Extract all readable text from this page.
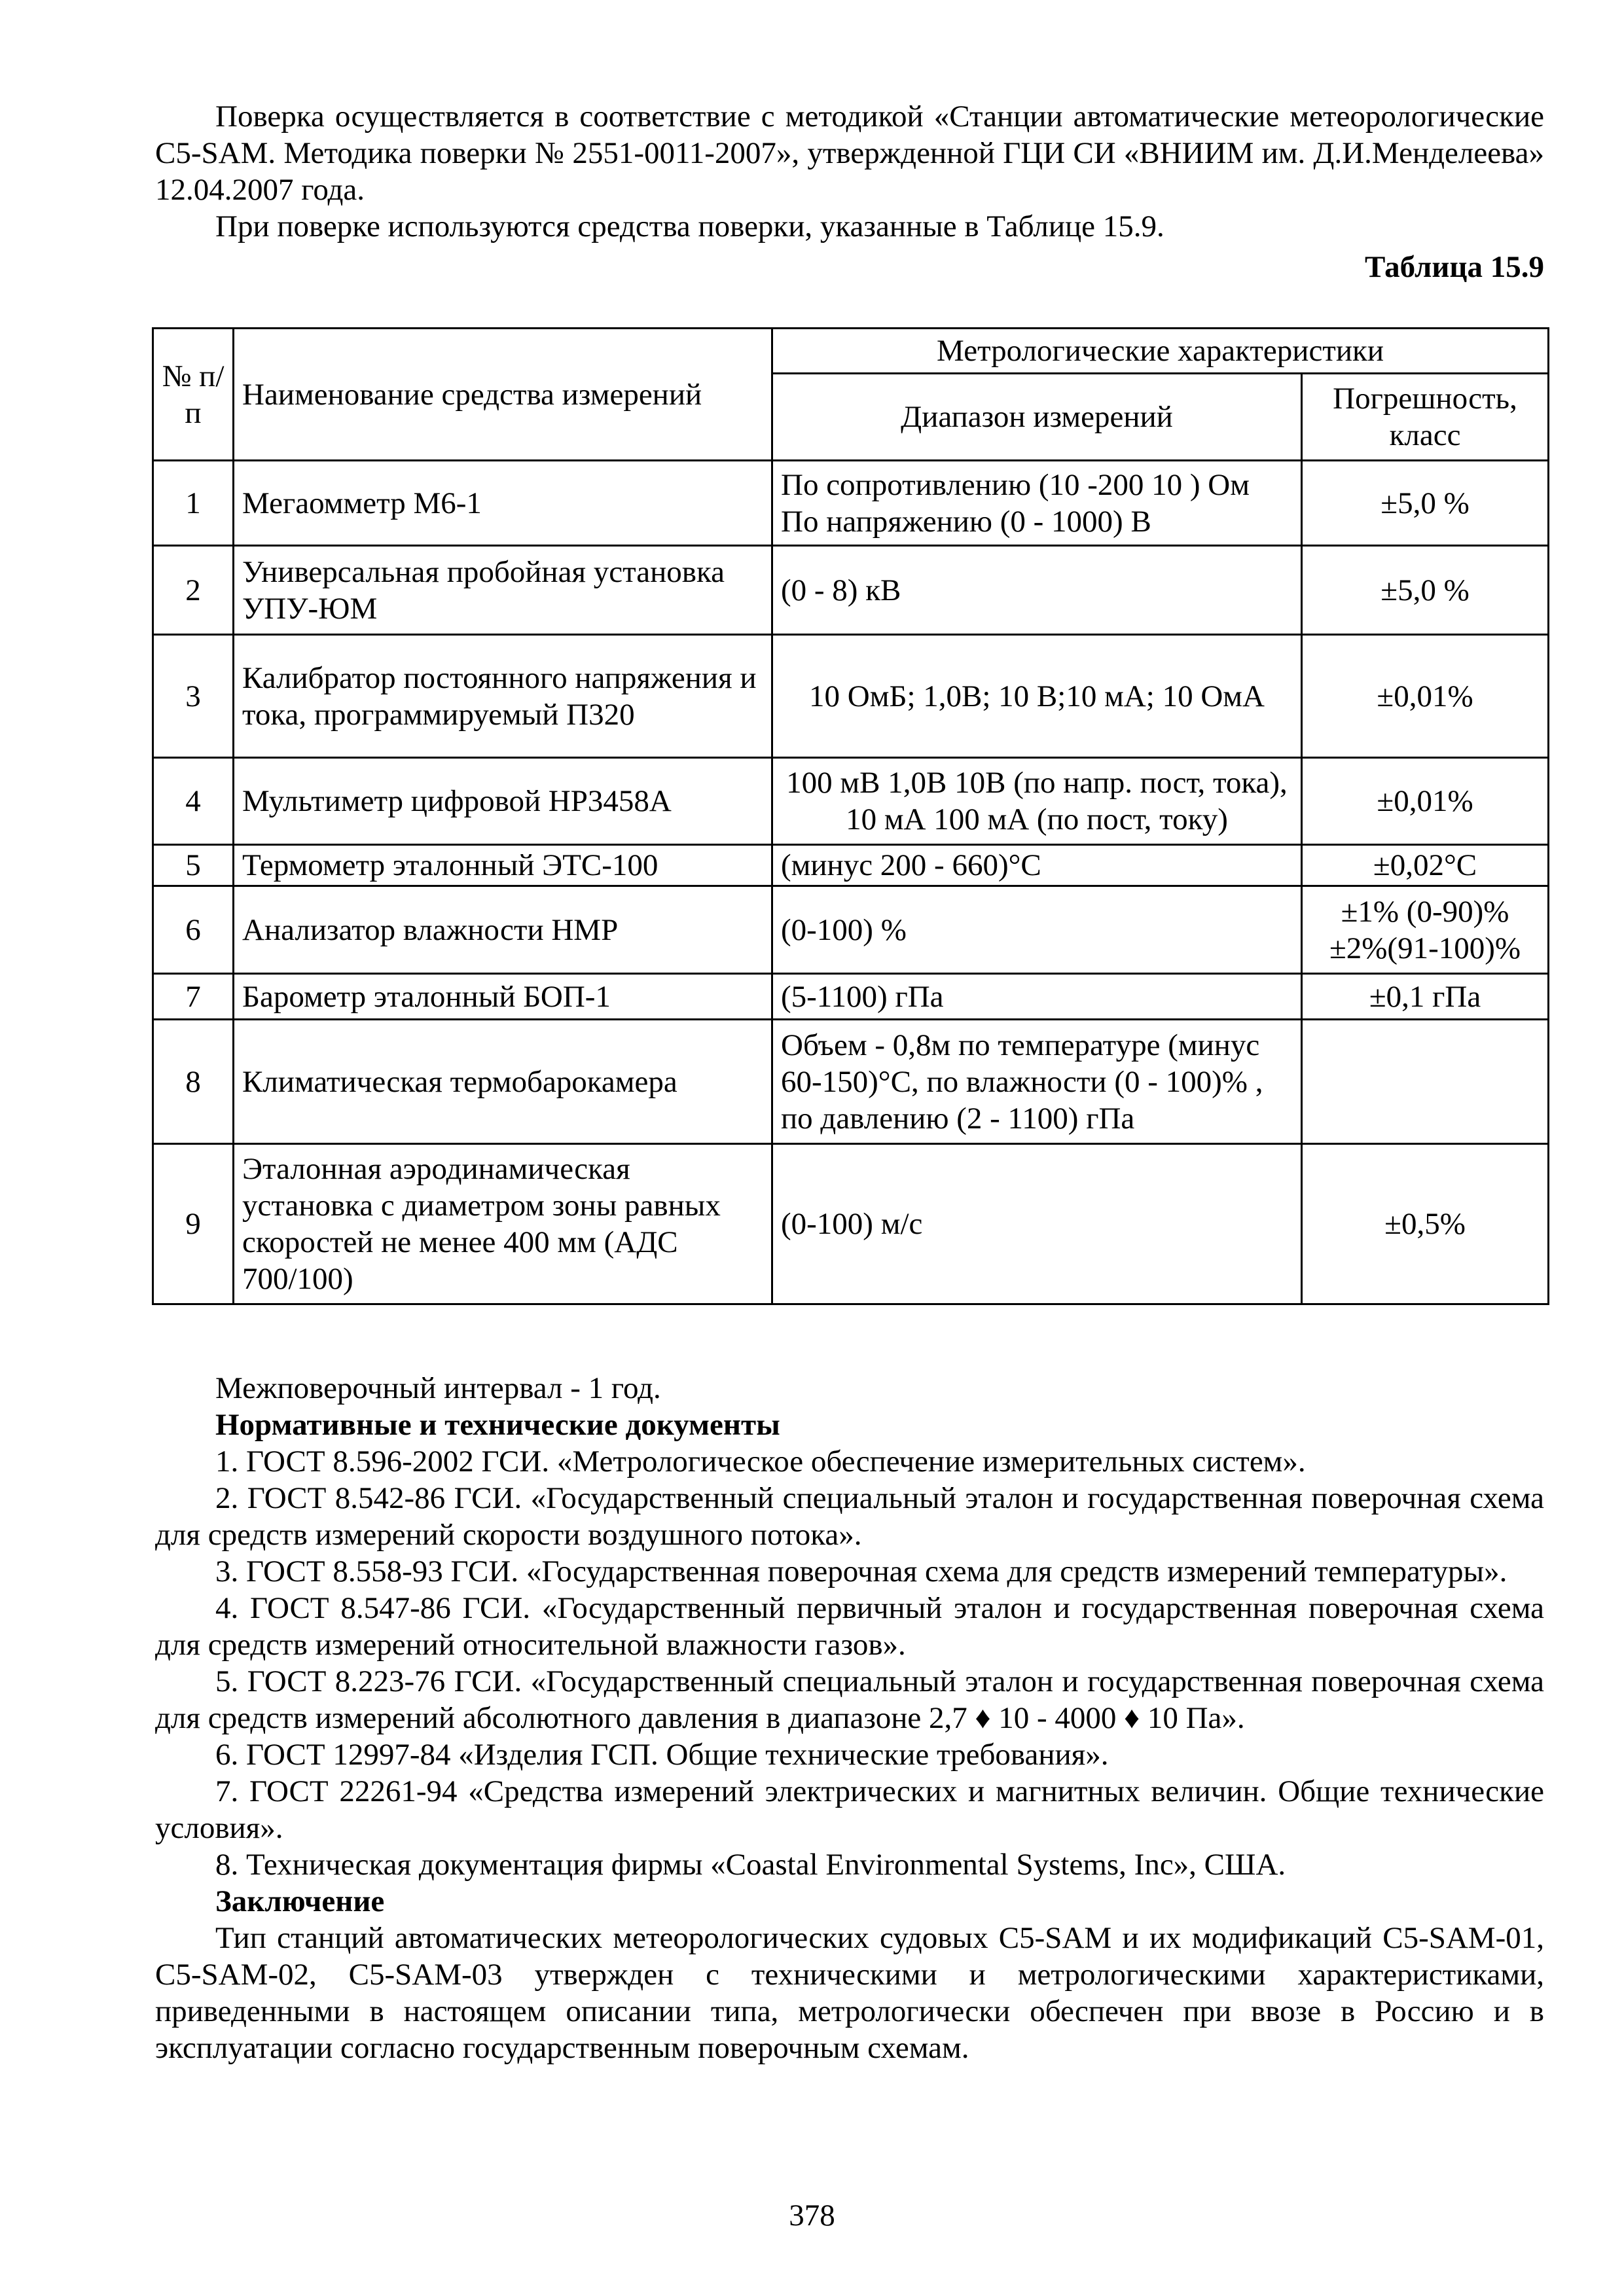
Поверка осуществляется в соответствие с методикой «Станции автоматические метеорологические С5-SAM. Методика поверки № 2551-0011-2007», утвержденной ГЦИ СИ «ВНИИМ им. Д.И.Менделеева» 12.04.2007 года.

При поверке используются средства поверки, указанные в Таблице 15.9.

Таблица 15.9
№ п/ п	Наименование средства измерений	Метрологические характеристики	
		Диапазон измерений	Погрешность, класс
1	Мегаомметр М6-1	По сопротивлению (10 -200 10 ) Ом По напряжению (0 - 1000) В	±5,0 %
2	Универсальная пробойная установка УПУ-ЮМ	(0 - 8) кВ	±5,0 %
3	Калибратор постоянного напряжения и тока, программируемый П320	10 ОмБ; 1,0В; 10 В;10 мА; 10 ОмА	±0,01%
4	Мультиметр цифровой HP3458A	100 мВ 1,0В 10В (по напр. пост, тока), 10 мА 100 мА (по пост, току)	±0,01%
5	Термометр эталонный ЭТС-100	(минус 200 - 660)°С	±0,02°С
6	Анализатор влажности НМР	(0-100) %	±1% (0-90)% ±2%(91-100)%
7	Барометр эталонный БОП-1	(5-1100) гПа	±0,1 гПа
8	Климатическая термобарокамера	Объем - 0,8м по температуре (минус 60-150)°С, по влажности (0 - 100)% , по давлению (2 - 1100) гПа	
9	Эталонная аэродинамическая установка с диаметром зоны равных скоростей не менее 400 мм (АДС 700/100)	(0-100) м/с	±0,5%

Межповерочный интервал - 1 год.

Нормативные и технические документы

1. ГОСТ 8.596-2002 ГСИ. «Метрологическое обеспечение измерительных систем».

2. ГОСТ 8.542-86 ГСИ. «Государственный специальный эталон и государственная поверочная схема для средств измерений скорости воздушного потока».

3. ГОСТ 8.558-93 ГСИ. «Государственная поверочная схема для средств измерений температуры».

4. ГОСТ 8.547-86 ГСИ. «Государственный первичный эталон и государственная поверочная схема для средств измерений относительной влажности газов».

5. ГОСТ 8.223-76 ГСИ. «Государственный специальный эталон и государственная поверочная схема для средств измерений абсолютного давления в диапазоне 2,7 ♦ 10 - 4000 ♦ 10 Па».

6. ГОСТ 12997-84 «Изделия ГСП. Общие технические требования».

7. ГОСТ 22261-94 «Средства измерений электрических и магнитных величин. Общие технические условия».

8. Техническая документация фирмы «Coastal Environmental Systems, Inc», США.

Заключение

Тип станций автоматических метеорологических судовых С5-SAM и их модификаций С5-SAM-01, С5-SAM-02, С5-SAM-03 утвержден с техническими и метрологическими характеристиками, приведенными в настоящем описании типа, метрологически обеспечен при ввозе в Россию и в эксплуатации согласно государственным поверочным схемам.

378
